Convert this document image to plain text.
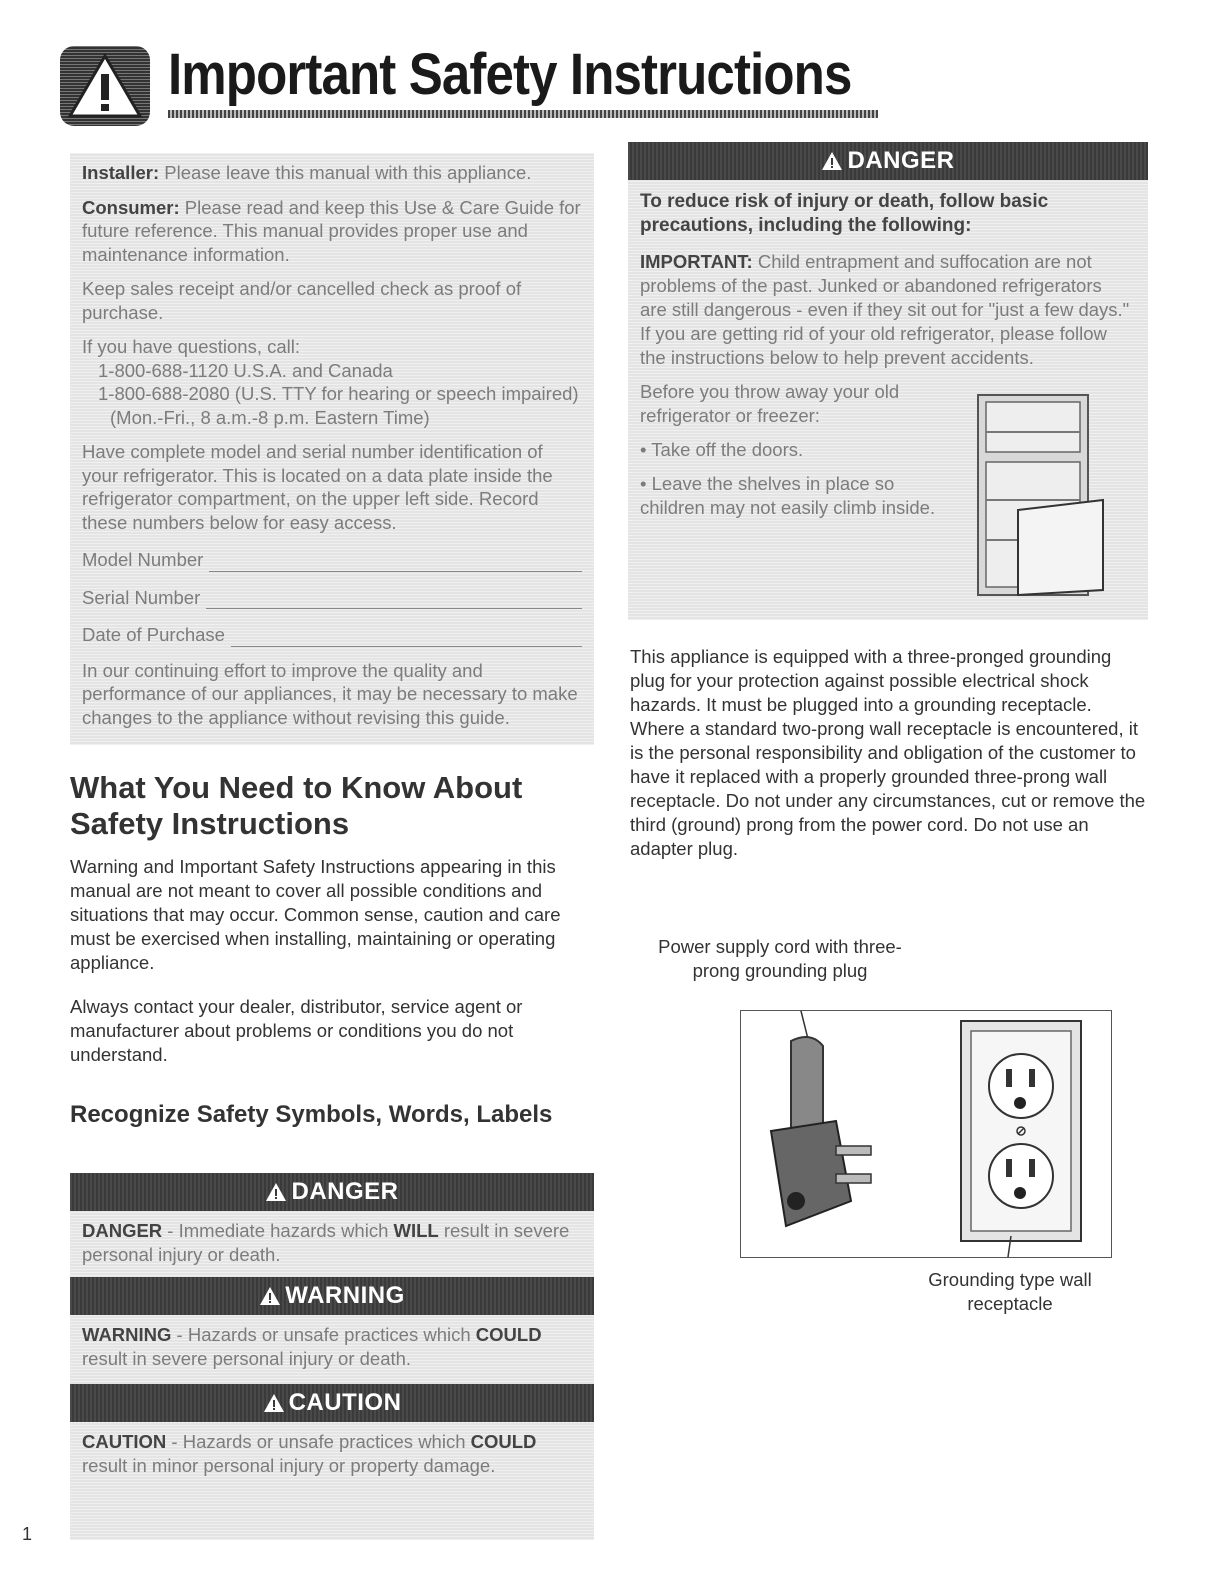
Important Safety Instructions

Installer: Please leave this manual with this appliance.

Consumer: Please read and keep this Use & Care Guide for future reference. This manual provides proper use and maintenance information.

Keep sales receipt and/or cancelled check as proof of purchase.

If you have questions, call:

1-800-688-1120 U.S.A. and Canada

1-800-688-2080 (U.S. TTY for hearing or speech impaired) (Mon.-Fri., 8 a.m.-8 p.m. Eastern Time)

Have complete model and serial number identification of your refrigerator. This is located on a data plate inside the refrigerator compartment, on the upper left side. Record these numbers below for easy access.

Model Number
Serial Number
Date of Purchase

In our continuing effort to improve the quality and performance of our appliances, it may be necessary to make changes to the appliance without revising this guide.

DANGER
To reduce risk of injury or death, follow basic precautions, including the following:

IMPORTANT: Child entrapment and suffocation are not problems of the past. Junked or abandoned refrigerators are still dangerous - even if they sit out for "just a few days." If you are getting rid of your old refrigerator, please follow the instructions below to help prevent accidents.

Before you throw away your old refrigerator or freezer:

• Take off the doors.

• Leave the shelves in place so children may not easily climb inside.

This appliance is equipped with a three-pronged grounding plug for your protection against possible electrical shock hazards. It must be plugged into a grounding receptacle. Where a standard two-prong wall receptacle is encountered, it is the personal responsibility and obligation of the customer to have it replaced with a properly grounded three-prong wall receptacle. Do not under any circumstances, cut or remove the third (ground) prong from the power cord. Do not use an adapter plug.
Power supply cord with three-prong grounding plug
Grounding type wall receptacle
What You Need to Know About Safety Instructions
Warning and Important Safety Instructions appearing in this manual are not meant to cover all possible conditions and situations that may occur. Common sense, caution and care must be exercised when installing, maintaining or operating appliance.
Always contact your dealer, distributor, service agent or manufacturer about problems or conditions you do not understand.
Recognize Safety Symbols, Words, Labels
DANGER
DANGER - Immediate hazards which WILL result in severe personal injury or death.
WARNING
WARNING - Hazards or unsafe practices which COULD result in severe personal injury or death.
CAUTION
CAUTION - Hazards or unsafe practices which COULD result in minor personal injury or property damage.
1
